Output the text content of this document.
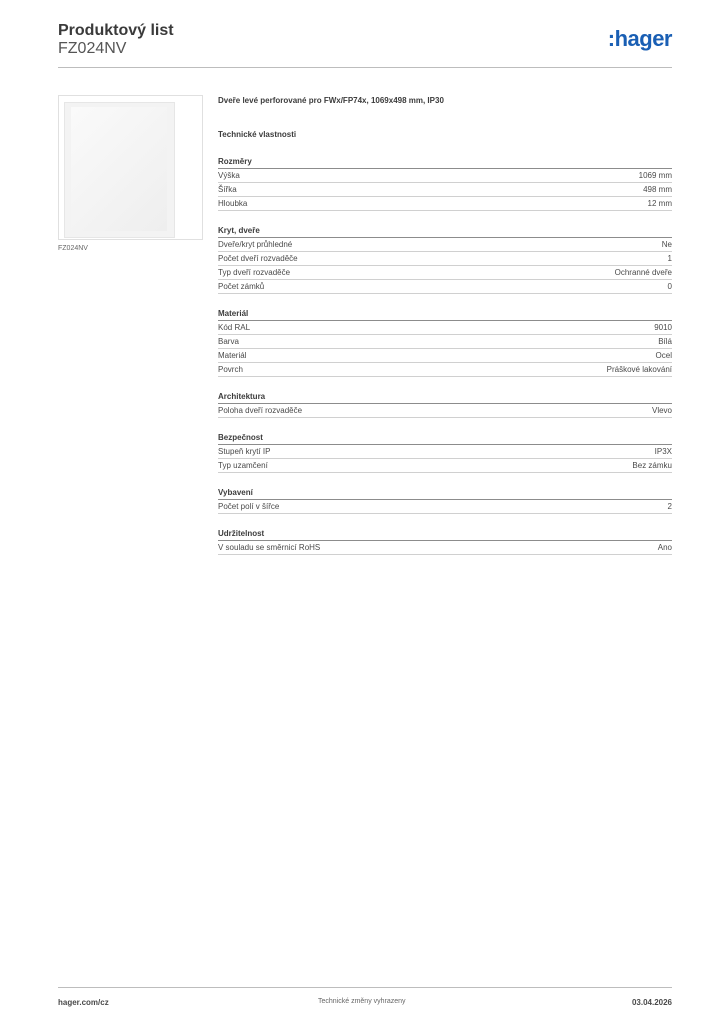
Produktový list
FZ024NV	:hager
FZ024NV
Dveře levé perforované pro FWx/FP74x, 1069x498 mm, IP30
Technické vlastnosti
Rozměry
Výška	1069 mm
Šířka	498 mm
Hloubka	12 mm
Kryt, dveře
Dveře/kryt průhledné	Ne
Počet dveří rozvaděče	1
Typ dveří rozvaděče	Ochranné dveře
Počet zámků	0
Materiál
Kód RAL	9010
Barva	Bílá
Materiál	Ocel
Povrch	Práškové lakování
Architektura
Poloha dveří rozvaděče	Vlevo
Bezpečnost
Stupeň krytí IP	IP3X
Typ uzamčení	Bez zámku
Vybavení
Počet polí v šířce	2
Udržitelnost
V souladu se směrnicí RoHS	Ano
hager.com/cz	Technické změny vyhrazeny	03.04.2026
